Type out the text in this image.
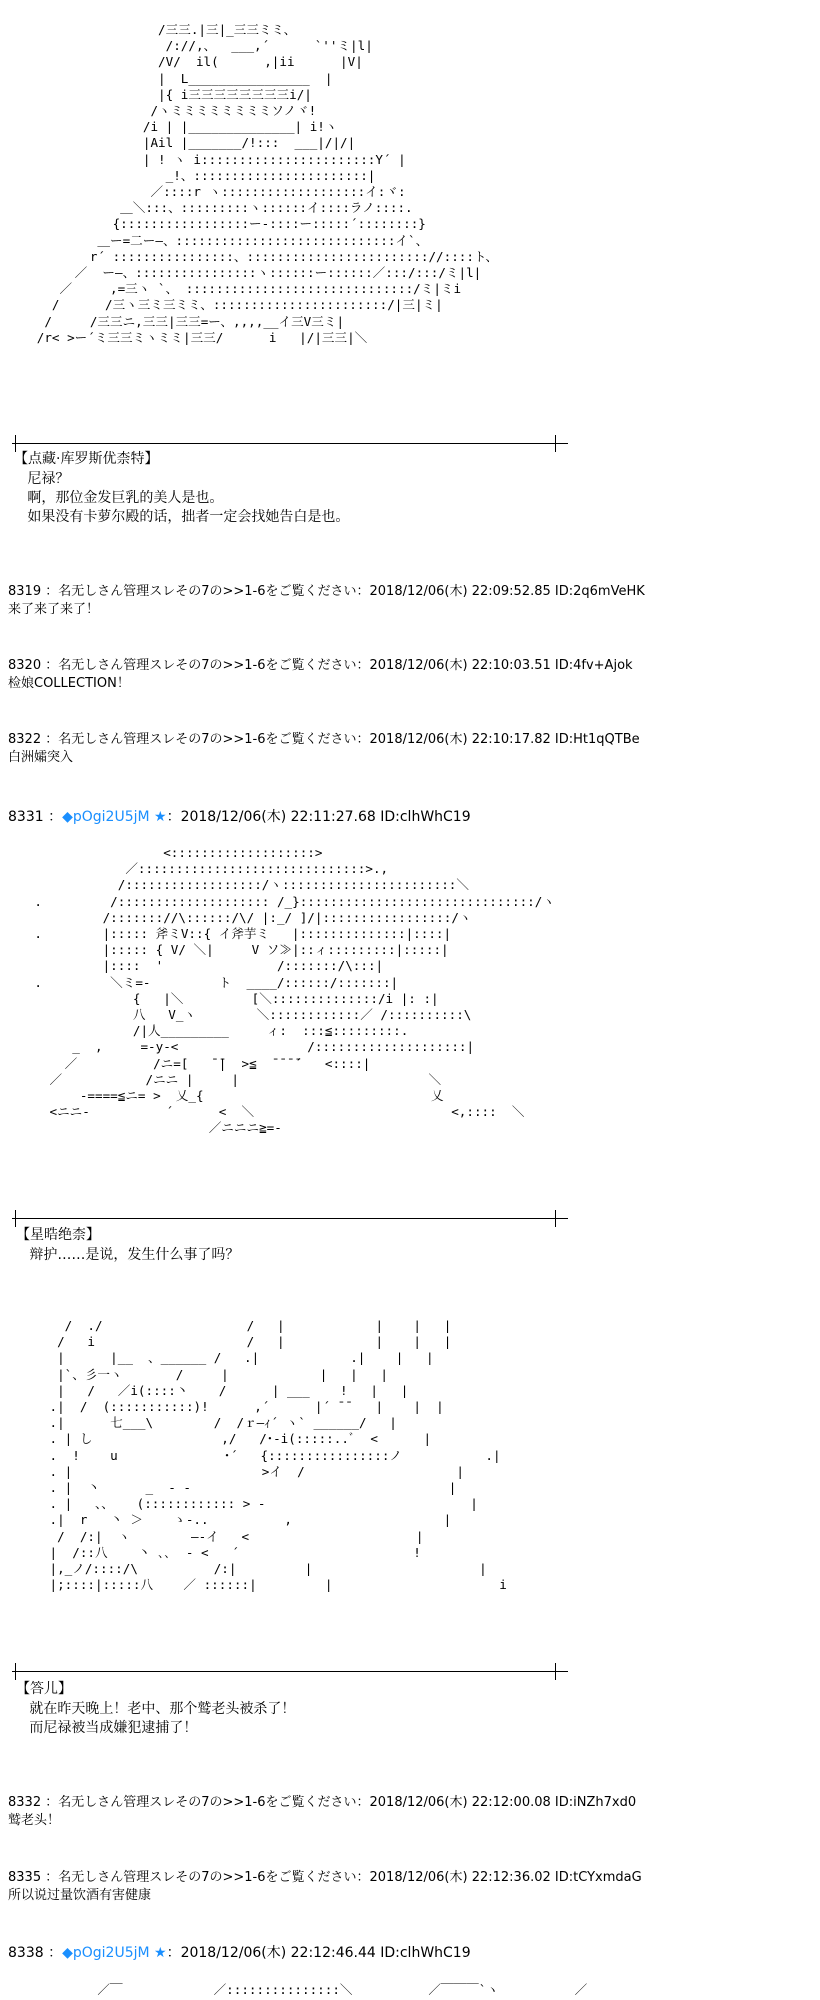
/三三.|三|_三三ミミ、
/://,、  ___,´      `''ミ|l|
/V/  il(      ,|ii      |V|
|  L________________  |
|{ i三三三三三三三三i/|
/ヽミミミミミミミミソノヾ!
/i | |______________| i!ヽ
|Ail |_______/!:::  ___|/|/|
| ! ヽ i:::::::::::::::::::::::Y´ |
_!、:::::::::::::::::::::::|
／::::r ヽ:::::::::::::::::::イ:ヾ:
＿＼:::、:::::::::ヽ::::::イ::::ラノ::::.
{:::::::::::::::::ー‐::::ー:::::´::::::::}
＿ー=二ー―、:::::::::::::::::::::::::::::イ`、
r´ ::::::::::::::::、:::::::::::::::::::::::://::::ト、
／  ー―、::::::::::::::::ヽ::::::ー::::::／:::/:::/ミ|l|
／     ,=三ヽ `、 ::::::::::::::::::::::::::::::/ミ|ミi
/      /三ヽ三ミ三ミミ、:::::::::::::::::::::::/|三|ミ|
/     /三三ニ,三三|三三=ー、,,,,__イ三V三ミ|
/r< >ー´ミ三三ミヽミミ|三三/      i   |/|三三|＼
【点藏·库罗斯优柰特】
尼禄？
啊，那位金发巨乳的美人是也。
如果没有卡萝尔殿的话，拙者一定会找她告白是也。
8319 ：名无しさん管理スレその7の>>1-6をご覧ください：2018/12/06(木) 22:09:52.85 ID:2q6mVeHK
来了来了来了！
8320 ：名无しさん管理スレその7の>>1-6をご覧ください：2018/12/06(木) 22:10:03.51 ID:4fv+Ajok
检娘COLLECTION！
8322 ：名无しさん管理スレその7の>>1-6をご覧ください：2018/12/06(木) 22:10:17.82 ID:Ht1qQTBe
白洲孀突入
8331 ：◆pOgi2U5jM ★：2018/12/06(木) 22:11:27.68 ID:clhWhC19
<:::::::::::::::::::>
／::::::::::::::::::::::::::::::>.,
/::::::::::::::::::/ヽ:::::::::::::::::::::::＼
.         /:::::::::::::::::::: /_}:::::::::::::::::::::::::::::::/ヽ
/::::::://\::::::/\/ |:_/ ]/|:::::::::::::::::/ヽ
.        |::::: 斧ミV::{ イ斧芋ミ   |::::::::::::::|::::|
|::::: { V/ ＼|     V ソ≫|::ィ:::::::::|:::::|
|::::  '               /:::::::/\:::|
.         ＼ミ=-         ト  ____/::::::/:::::::|
{   |＼         [＼::::::::::::::/i |: :|
八   V_ヽ        ＼::::::::::::／ /::::::::::\
/|人_________     ィ:  :::≦:::::::::.
_  ,     =-y-<                 /::::::::::::::::::::|
／          /ニ=[   ̄ ̄|  >≦  ̄ ̄ ̄ ̄´   <::::|
／           /ニニ |     |                         ＼
-====≦ニ= >  乂_{                              乂
<ニニ-          ´      <  ＼                          <,::::  ＼
／ニニニ≧=-
【星晧绝柰】
辩护……是说，发生什么事了吗？
/  ./                   /   |            |    |   |
/   i                    /   |            |    |   |
|      |__  、______ /   .|            .|    |   |
|`、彡一ヽ       /     |            |   |   |
|   /   ／i(::::丶    /      | ___    !   |   |
.|  /  (:::::::::::)!      ,´      |´ ̄ ̄    |    |  |
.|      七___\        /  /ｒ―ｨ´ ヽ` ______/   |
. | し                 ,/   /･-i(:::::..ﾞ  <      |
.  !    u              ･´   {::::::::::::::::ノ           .|
. |                         >イ  /                    |
. |  丶      _  - -                                  |
. |   、、   (:::::::::::: > -                           |
.|  r   丶 ＞    ゝ-..          ,                    |
/  /:|  ヽ        ―-イ   <                      |
|  /::八    丶 ､､  - <   ´                       !
|,_ノ/::::/\          /:|         |                      |
|;::::|:::::八    ／ ::::::|         |                      i
【答儿】
就在昨天晚上！老中、那个鹫老头被杀了！
而尼禄被当成嫌犯逮捕了！
8332 ：名无しさん管理スレその7の>>1-6をご覧ください：2018/12/06(木) 22:12:00.08 ID:iNZh7xd0
鹫老头！
8335 ：名无しさん管理スレその7の>>1-6をご覧ください：2018/12/06(木) 22:12:36.02 ID:tCYxmdaG
所以说过量饮酒有害健康
8338 ：◆pOgi2U5jM ★：2018/12/06(木) 22:12:46.44 ID:clhWhC19
／￣            ／:::::::::::::::＼          ／￣￣￣`ヽ          ／
